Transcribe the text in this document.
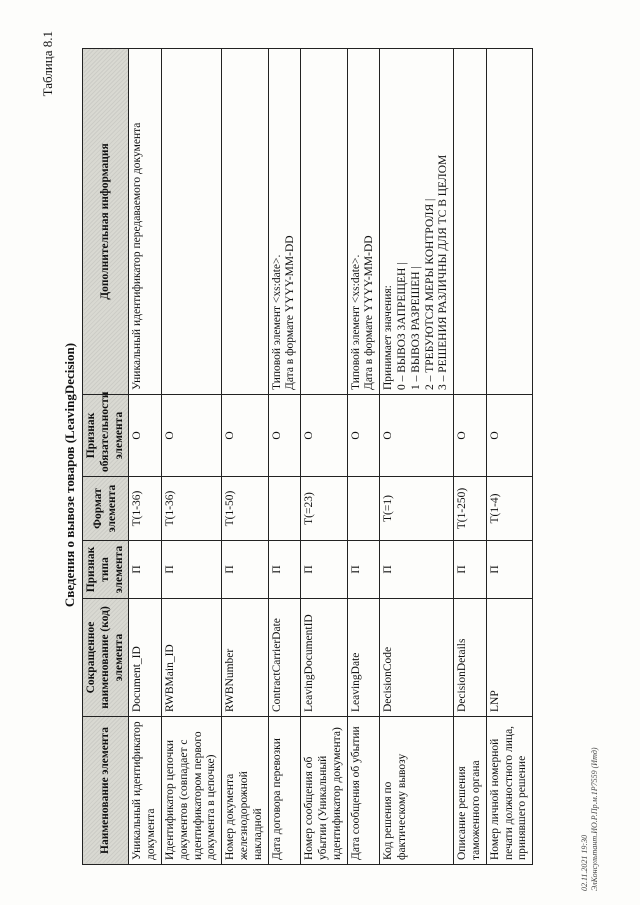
Таблица 8.1
Сведения о вывозе товаров (LeavingDecision)
Наименование элемента	Сокращенное наименование (код) элемента	Признак типа элемента	Формат элемента	Признак обязательности элемента	Дополнительная информация
Уникальный идентификатор документа	Document_ID	П	T(1-36)	О	Уникальный идентификатор передаваемого документа

Идентификатор цепочки документов (совпадает с идентификатором первого документа в цепочке)	RWBMain_ID	П	T(1-36)	О	
Номер документа железнодорожной накладной	RWBNumber	П	T(1-50)	О	
Дата договора перевозки	ContractCarrierDate	П		О	Типовой элемент <xs:date>. Дата в формате YYYY-MM-DD

Номер сообщения об убытии (Уникальный идентификатор документа)	LeavingDocumentID	П	T(=23)	О	
Дата сообщения об убытии	LeavingDate	П		О	Типовой элемент <xs:date>. Дата в формате YYYY-MM-DD

Код решения по фактическому вывозу	DecisionCode	П	T(=1)	О	Принимает значения: 0 – ВЫВОЗ ЗАПРЕЩЕН | 1 – ВЫВОЗ РАЗРЕШЕН | 2 – ТРЕБУЮТСЯ МЕРЫ КОНТРОЛЯ | 3 – РЕШЕНИЯ РАЗЛИЧНЫ ДЛЯ ТС В ЦЕЛОМ

Описание решения таможенного органа	DecisionDetails	П	T(1-250)	О	
Номер личной номерной печати должностного лица, принявшего решение	LNP	П	T(1-4)	О	
02.11.2021 19:30 ЭлКонсультант.ИО.Р.Пр.м.1Р7559 (Итд)
